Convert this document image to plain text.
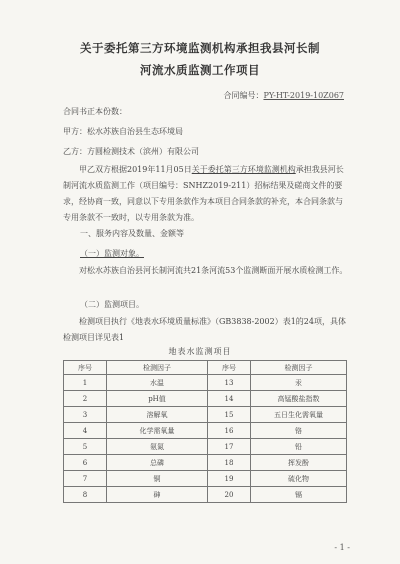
关于委托第三方环境监测机构承担我县河长制
河流水质监测工作项目
合同编号：PY-HT-2019-10Z067
合同书正本份数：
甲方：松水苏族自治县生态环境局
乙方：方圆检测技术（滨州）有限公司

甲乙双方根据2019年11月05日关于委托第三方环境监测机构承担我县河长制河流水质监测工作（项目编号：SNHZ2019-211）招标结果及磋商文件的要求，经协商一致，同意以下专用条款作为本项目合同条款的补充，本合同条款与专用条款不一致时，以专用条款为准。

一、服务内容及数量、金额等
（一）监测对象。

对松水苏族自治县河长制河流共21条河流53个监测断面开展水质检测工作。

（二）监测项目。

检测项目执行《地表水环境质量标准》（GB3838-2002）表1的24项，具体检测项目详见表1

地表水监测项目
序号	检测因子	序号	检测因子
1	水温	13	汞
2	pH值	14	高锰酸盐指数
3	溶解氧	15	五日生化需氧量
4	化学需氧量	16	铬
5	氨氮	17	铅
6	总磷	18	挥发酚
7	铜	19	硫化物
8	砷	20	镉
- 1 -
